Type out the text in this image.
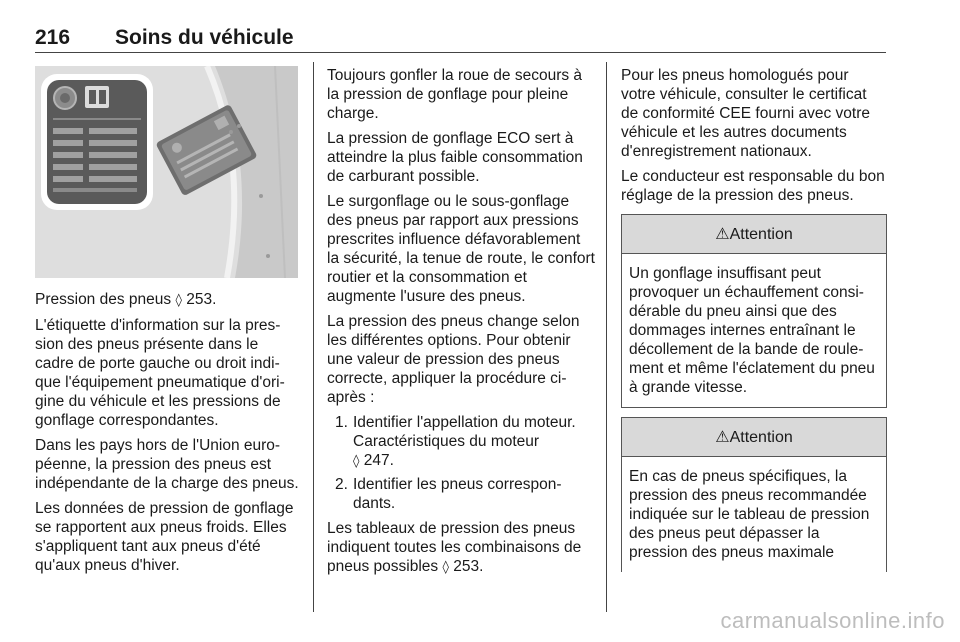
216 Soins du véhicule

Pression des pneus ◊ 253.

L'étiquette d'information sur la pression des pneus présente dans le cadre de porte gauche ou droit indique l'équipement pneumatique d'origine du véhicule et les pressions de gonflage correspondantes.

Dans les pays hors de l'Union européenne, la pression des pneus est indépendante de la charge des pneus.

Les données de pression de gonflage se rapportent aux pneus froids. Elles s'appliquent tant aux pneus d'été qu'aux pneus d'hiver.

Toujours gonfler la roue de secours à la pression de gonflage pour pleine charge.

La pression de gonflage ECO sert à atteindre la plus faible consommation de carburant possible.

Le surgonflage ou le sous-gonflage des pneus par rapport aux pressions prescrites influence défavorablement la sécurité, la tenue de route, le confort routier et la consommation et augmente l'usure des pneus.

La pression des pneus change selon les différentes options. Pour obtenir une valeur de pression des pneus correcte, appliquer la procédure ci-après :

1. Identifier l'appellation du moteur. Caractéristiques du moteur
◊ 247.
2. Identifier les pneus correspondants.

Les tableaux de pression des pneus indiquent toutes les combinaisons de pneus possibles ◊ 253.

Pour les pneus homologués pour votre véhicule, consulter le certificat de conformité CEE fourni avec votre véhicule et les autres documents d'enregistrement nationaux.

Le conducteur est responsable du bon réglage de la pression des pneus.

⚠Attention
Un gonflage insuffisant peut provoquer un échauffement considérable du pneu ainsi que des dommages internes entraînant le décollement de la bande de roulement et même l'éclatement du pneu à grande vitesse.
⚠Attention
En cas de pneus spécifiques, la pression des pneus recommandée indiquée sur le tableau de pression des pneus peut dépasser la pression des pneus maximale
carmanualsonline.info
